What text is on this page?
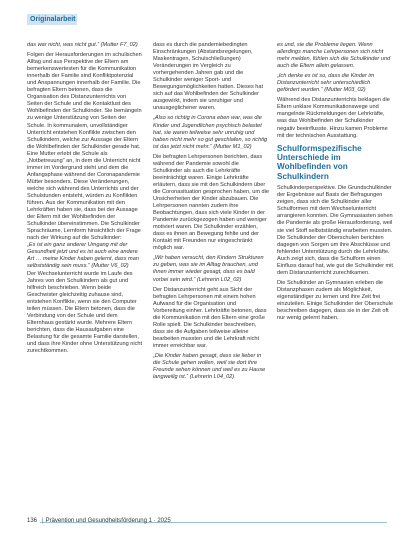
Originalarbeit

das war nicht, was nicht gut.“ (Mutter F7_02)

Folgen der Herausforderungen im schulischen Alltag und aus Perspektive der Eltern am bemerkenswertesten für die Kommunikation innerhalb der Familie sind Konfliktpotenzial und Anspannungen innerhalb der Familie. Die befragten Eltern betonen, dass die Organisation des Distanzunterrichts von Seiten der Schule und die Kontaktlust des Wohlbefinden der Schulkinder. Sie bemängeln zu wenige Unterstützung von Seiten der Schule. In kommunalem, unvollständiger Unterricht entstehen Konflikte zwischen den Schulkindern, welche zur Aussage der Eltern die Wohlbefinden der Schulkinder gerade hat. Eine Mutter erlebt die Schule als „Notbetreuung“ an, in dem die Unterricht nicht immer im Vordergrund steht und dem die Anfangsphase während der Coronapandemie Mütter besonders. Diese Veränderungen, welche sich während des Unterrichts und der Schulstunden entsteht, würden zu Konflikten führen. Aus der Kommunikation mit den Lehrkräften haben sie, dass bei der Aussage der Eltern mit der Wohlbefinden der Schulkinder übereinstimmen. Die Schulkinder Sprachräume, Lernform hinsichtlich der Frage nach der Wirkung auf die Schulkinder:

„Es ist ein ganz anderer Umgang mit der Gesundheit jetzt und es ist auch eine andere Art … meine Kinder haben gelernt, dass man selbstständig sein muss.“ (Mutter V6_02)

Der Wechselunterricht wurde im Laufe des Jahres von den Schulkindern als gut und hilfreich beschrieben. Wenn beide Geschwister gleichzeitig zuhause sind, entstehen Konflikte, wenn sie den Computer teilen müssen. Die Eltern betonen, dass die Verbindung von der Schule und dem Elternhaus gestärkt wurde. Mehrere Eltern berichten, dass die Hausaufgaben eine Belastung für die gesamte Familie darstellen, und dass ihre Kinder ohne Unterstützung nicht zurechtkommen.

dass es durch die pandemiebedingten Einschränkungen (Abstandsregelungen, Maskentragen, Schulschließungen) Veränderungen im Vergleich zu vorhergehenden Jahren gab und die Schulkinder weniger Sport- und Bewegungsmöglichkeiten hatten. Dieses hat sich auf das Wohlbefinden der Schulkinder ausgewirkt, indem sie unruhiger und unausgeglichener waren.

„Also so richtig in Corona eben war, was die Kinder und Jugendlichen psychisch belastet hat, sie waren teilweise sehr unruhig und haben nicht mehr so gut geschlafen, so richtig ist das jetzt nicht mehr.“ (Mutter M1_02)

Die befragten Lehrpersonen berichten, dass während der Pandemie sowohl die Schulkinder als auch die Lehrkräfte beeinträchtigt waren. Einige Lehrkräfte erläutern, dass sie mit den Schulkindern über die Coronasituation gesprochen haben, um die Unsicherheiten der Kinder abzubauen. Die Lehrpersonen nannten zudem ihre Beobachtungen, dass sich viele Kinder in der Pandemie zurückgezogen haben und weniger motiviert waren. Die Schulkinder erzählen, dass es ihnen an Bewegung fehlte und der Kontakt mit Freunden nur eingeschränkt möglich war.

„Wir haben versucht, den Kindern Strukturen zu geben, was sie im Alltag brauchen, und ihnen immer wieder gesagt, dass es bald vorbei sein wird.“ (Lehrerin L02_02)

Der Distanzunterricht geht aus Sicht der befragten Lehrpersonen mit einem hohen Aufwand für die Organisation und Vorbereitung einher. Lehrkräfte betonen, dass die Kommunikation mit den Eltern eine große Rolle spielt. Die Schulkinder beschreiben, dass sie die Aufgaben teilweise alleine bearbeiten mussten und die Lehrkraft nicht immer erreichbar war.

„Die Kinder haben gesagt, dass sie lieber in die Schule gehen wollen, weil sie dort ihre Freunde sehen können und weil es zu Hause langweilig ist.“ (Lehrerin L04_02)

es und, sie die Probleme liegen. Wenn allerdings manche Lehrpersonen sich nicht mehr melden, fühlen sich die Schulkinder und auch die Eltern allein gelassen.

„Ich denke es ist so, dass die Kinder im Distanzunterricht sehr unterschiedlich gefördert wurden.“ (Mutter M03_02)

Während des Distanzunterrichts beklagen die Eltern unklare Kommunikationswege und mangelnde Rückmeldungen der Lehrkräfte, was das Wohlbefinden der Schulkinder negativ beeinflusste. Hinzu kamen Probleme mit der technischen Ausstattung.

Schulformspezifische Unterschiede im Wohlbefinden von Schulkindern

Schulkinderperspektive. Die Grundschulkinder der Ergebnisse auf Basis der Befragungen zeigen, dass sich die Schulkinder aller Schulformen mit dem Wechselunterricht arrangieren konnten. Die Gymnasiasten sehen die Pandemie als große Herausforderung, weil sie viel Stoff selbstständig erarbeiten mussten. Die Schulkinder der Oberschulen berichten dagegen von Sorgen um ihre Abschlüsse und fehlender Unterstützung durch die Lehrkräfte. Auch zeigt sich, dass die Schulform einen Einfluss darauf hat, wie gut die Schulkinder mit dem Distanzunterricht zurechtkamen.

Die Schulkinder an Gymnasien erleben die Distanzphasen zudem als Möglichkeit, eigenständiger zu lernen und ihre Zeit frei einzuteilen. Einige Schulkinder der Oberschule beschreiben dagegen, dass sie in der Zeit oft nur wenig gelernt haben.

136 | Prävention und Gesundheitsförderung 1 · 2025
